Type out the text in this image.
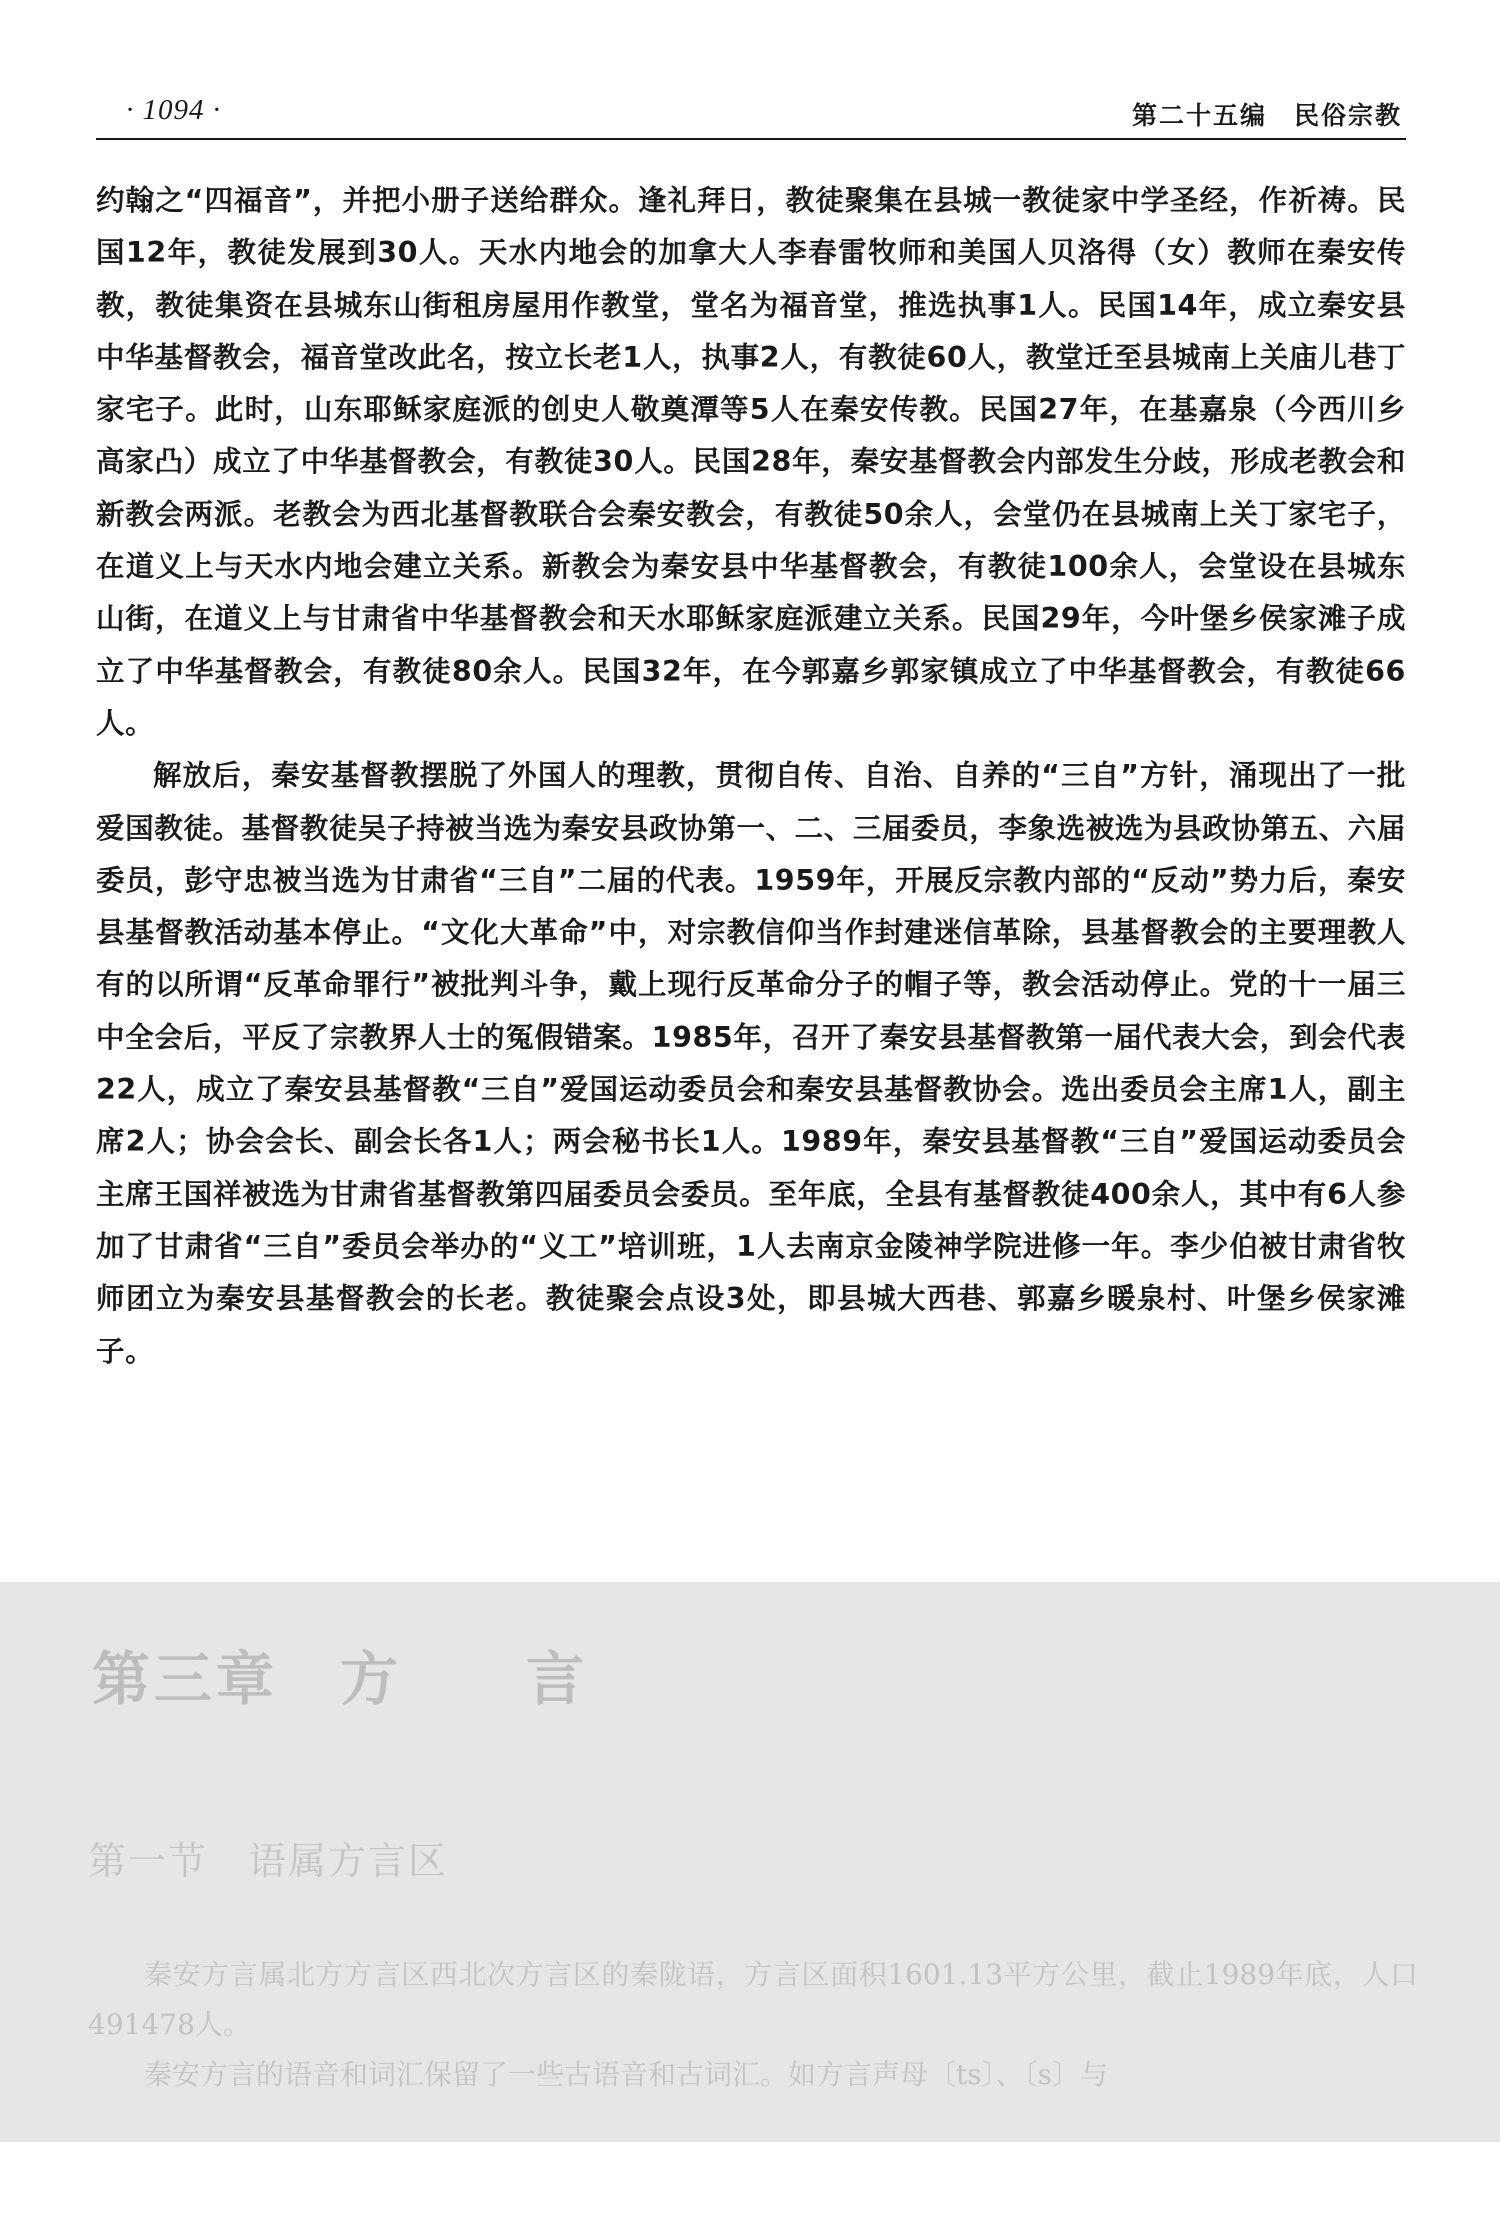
· 1094 ·	第二十五编　民俗宗教

约翰之“四福音”，并把小册子送给群众。逢礼拜日，教徒聚集在县城一教徒家中学圣经，作祈祷。民国12年，教徒发展到30人。天水内地会的加拿大人李春雷牧师和美国人贝洛得（女）教师在秦安传教，教徒集资在县城东山街租房屋用作教堂，堂名为福音堂，推选执事1人。民国14年，成立秦安县中华基督教会，福音堂改此名，按立长老1人，执事2人，有教徒60人，教堂迁至县城南上关庙儿巷丁家宅子。此时，山东耶稣家庭派的创史人敬奠潭等5人在秦安传教。民国27年，在基嘉泉（今西川乡高家凸）成立了中华基督教会，有教徒30人。民国28年，秦安基督教会内部发生分歧，形成老教会和新教会两派。老教会为西北基督教联合会秦安教会，有教徒50余人，会堂仍在县城南上关丁家宅子，在道义上与天水内地会建立关系。新教会为秦安县中华基督教会，有教徒100余人，会堂设在县城东山街，在道义上与甘肃省中华基督教会和天水耶稣家庭派建立关系。民国29年，今叶堡乡侯家滩子成立了中华基督教会，有教徒80余人。民国32年，在今郭嘉乡郭家镇成立了中华基督教会，有教徒66人。

解放后，秦安基督教摆脱了外国人的理教，贯彻自传、自治、自养的“三自”方针，涌现出了一批爱国教徒。基督教徒吴子持被当选为秦安县政协第一、二、三届委员，李象选被选为县政协第五、六届委员，彭守忠被当选为甘肃省“三自”二届的代表。1959年，开展反宗教内部的“反动”势力后，秦安县基督教活动基本停止。“文化大革命”中，对宗教信仰当作封建迷信革除，县基督教会的主要理教人有的以所谓“反革命罪行”被批判斗争，戴上现行反革命分子的帽子等，教会活动停止。党的十一届三中全会后，平反了宗教界人士的冤假错案。1985年，召开了秦安县基督教第一届代表大会，到会代表22人，成立了秦安县基督教“三自”爱国运动委员会和秦安县基督教协会。选出委员会主席1人，副主席2人；协会会长、副会长各1人；两会秘书长1人。1989年，秦安县基督教“三自”爱国运动委员会主席王国祥被选为甘肃省基督教第四届委员会委员。至年底，全县有基督教徒400余人，其中有6人参加了甘肃省“三自”委员会举办的“义工”培训班，1人去南京金陵神学院进修一年。李少伯被甘肃省牧师团立为秦安县基督教会的长老。教徒聚会点设3处，即县城大西巷、郭嘉乡暖泉村、叶堡乡侯家滩子。

第三章　方　　言
第一节　语属方言区

秦安方言属北方方言区西北次方言区的秦陇语，方言区面积1601.13平方公里，截止1989年底，人口491478人。

秦安方言的语音和词汇保留了一些古语音和古词汇。如方言声母〔ts〕、〔s〕与
